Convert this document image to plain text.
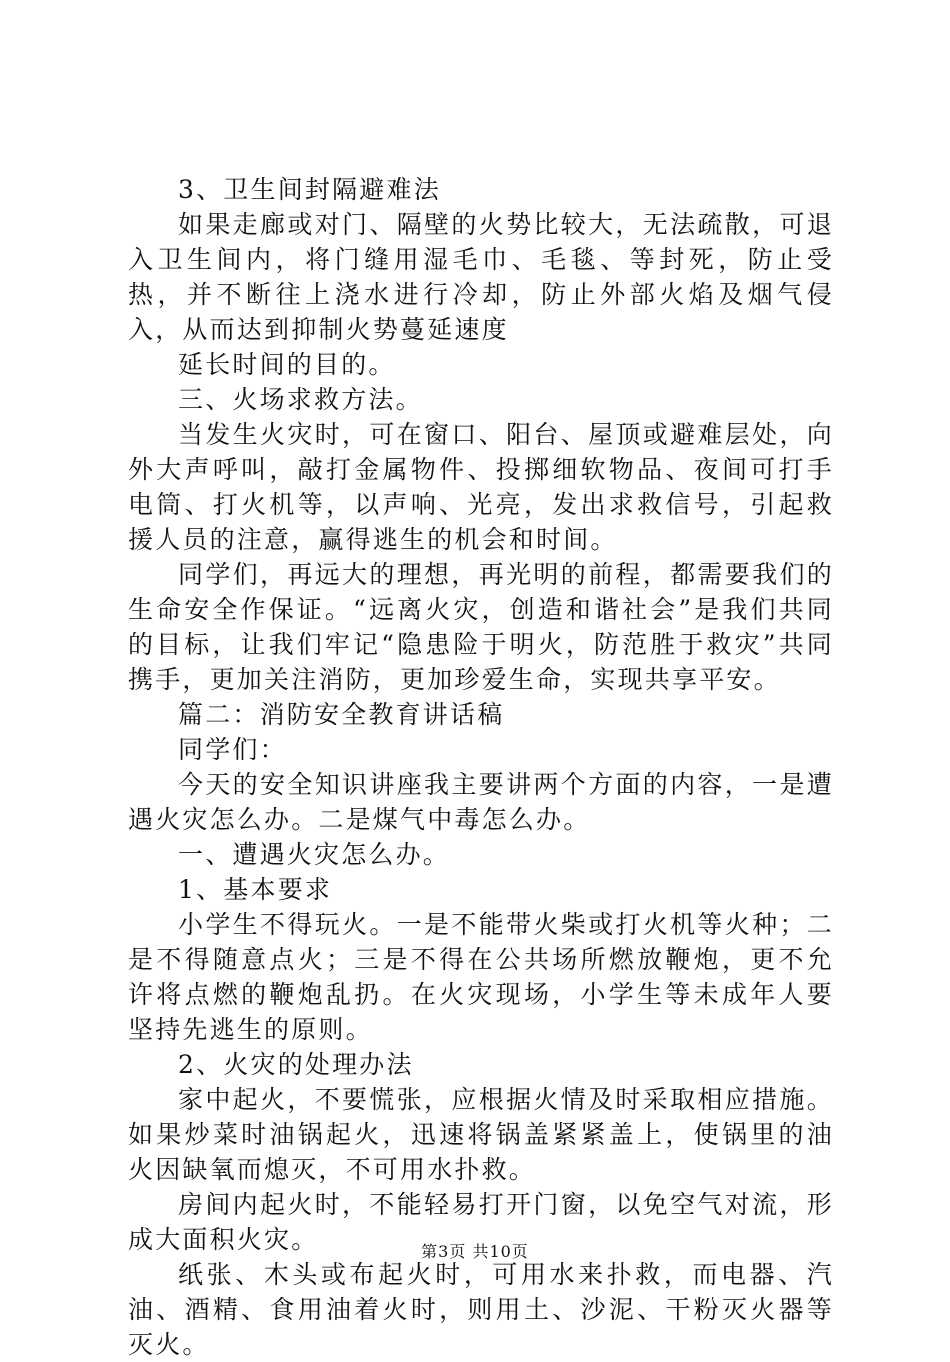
3、卫生间封隔避难法

如果走廊或对门、隔壁的火势比较大，无法疏散，可退入卫生间内，将门缝用湿毛巾、毛毯、等封死，防止受热，并不断往上浇水进行冷却，防止外部火焰及烟气侵入，从而达到抑制火势蔓延速度

延长时间的目的。

三、火场求救方法。

当发生火灾时，可在窗口、阳台、屋顶或避难层处，向外大声呼叫，敲打金属物件、投掷细软物品、夜间可打手电筒、打火机等，以声响、光亮，发出求救信号，引起救援人员的注意，赢得逃生的机会和时间。

同学们，再远大的理想，再光明的前程，都需要我们的生命安全作保证。“远离火灾，创造和谐社会”是我们共同的目标，让我们牢记“隐患险于明火，防范胜于救灾”共同携手，更加关注消防，更加珍爱生命，实现共享平安。

篇二：消防安全教育讲话稿

同学们：

今天的安全知识讲座我主要讲两个方面的内容，一是遭遇火灾怎么办。二是煤气中毒怎么办。

一、遭遇火灾怎么办。

1、基本要求

小学生不得玩火。一是不能带火柴或打火机等火种；二是不得随意点火；三是不得在公共场所燃放鞭炮，更不允许将点燃的鞭炮乱扔。在火灾现场，小学生等未成年人要坚持先逃生的原则。

2、火灾的处理办法

家中起火，不要慌张，应根据火情及时采取相应措施。如果炒菜时油锅起火，迅速将锅盖紧紧盖上，使锅里的油火因缺氧而熄灭，不可用水扑救。

房间内起火时，不能轻易打开门窗，以免空气对流，形成大面积火灾。

纸张、木头或布起火时，可用水来扑救，而电器、汽油、酒精、食用油着火时，则用土、沙泥、干粉灭火器等灭火。

第3页 共10页
